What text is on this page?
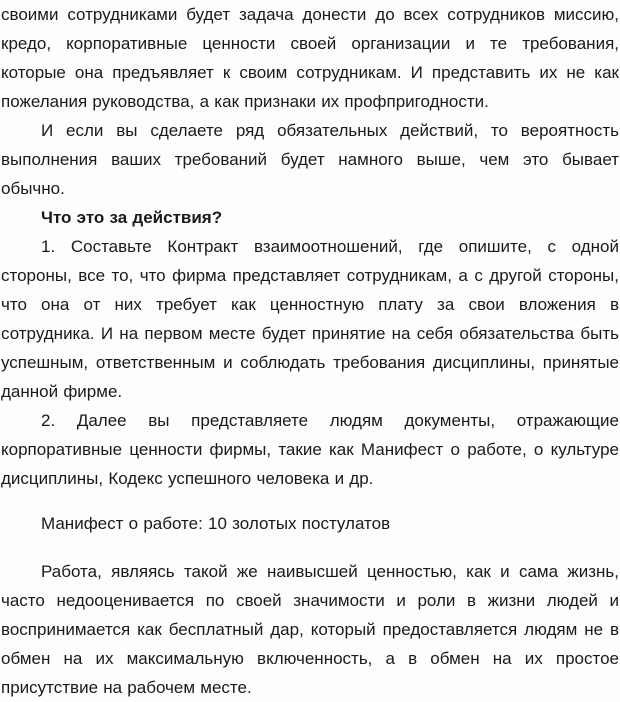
своими сотрудниками будет задача донести до всех сотрудников миссию, кредо, корпоративные ценности своей организации и те требования, которые она предъявляет к своим сотрудникам. И представить их не как пожелания руководства, а как признаки их профпригодности.

И если вы сделаете ряд обязательных действий, то вероятность выполнения ваших требований будет намного выше, чем это бывает обычно.

Что это за действия?

1. Составьте Контракт взаимоотношений, где опишите, с одной стороны, все то, что фирма представляет сотрудникам, а с другой стороны, что она от них требует как ценностную плату за свои вложения в сотрудника. И на первом месте будет принятие на себя обязательства быть успешным, ответственным и соблюдать требования дисциплины, принятые данной фирме.

2. Далее вы представляете людям документы, отражающие корпоративные ценности фирмы, такие как Манифест о работе, о культуре дисциплины, Кодекс успешного человека и др.

Манифест о работе: 10 золотых постулатов

Работа, являясь такой же наивысшей ценностью, как и сама жизнь, часто недооценивается по своей значимости и роли в жизни людей и воспринимается как бесплатный дар, который предоставляется людям не в обмен на их максимальную включенность, а в обмен на их простое присутствие на рабочем месте.
